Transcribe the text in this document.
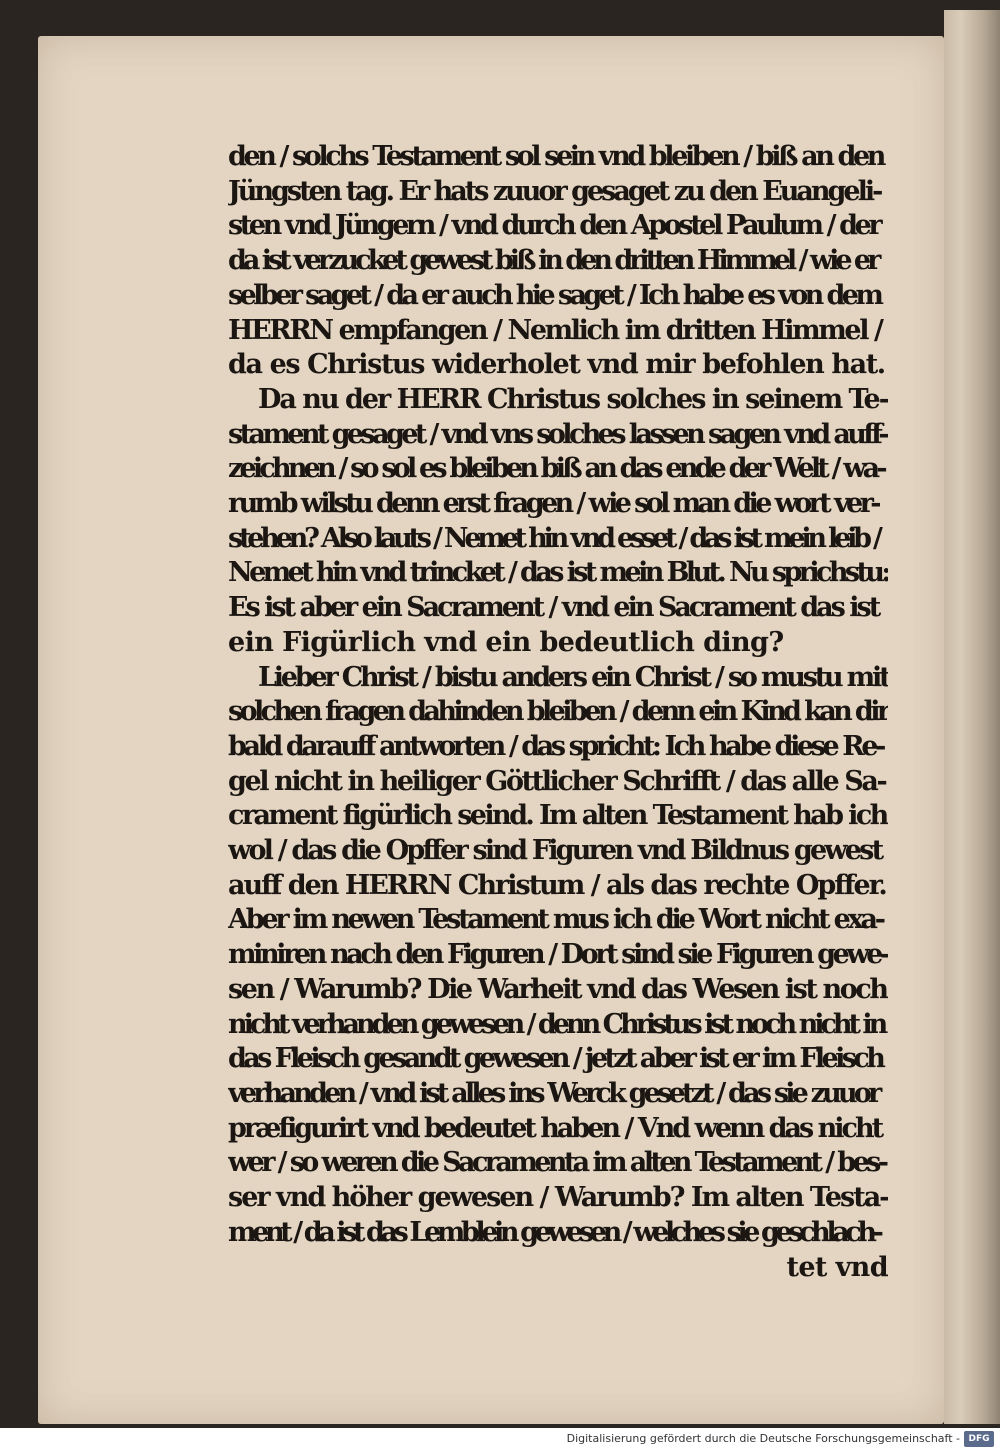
den / solchs Testament sol sein vnd bleiben / biß an den
Jüngsten tag. Er hats zuuor gesaget zu den Euangeli-
sten vnd Jüngern / vnd durch den Apostel Paulum / der
da ist verzucket gewest biß in den dritten Himmel / wie er
selber saget / da er auch hie saget / Ich habe es von dem
HERRN empfangen / Nemlich im dritten Himmel /
da es Christus widerholet vnd mir befohlen hat.
Da nu der HERR Christus solches in seinem Te-
stament gesaget / vnd vns solches lassen sagen vnd auff-
zeichnen / so sol es bleiben biß an das ende der Welt / wa-
rumb wilstu denn erst fragen / wie sol man die wort ver-
stehen? Also lauts / Nemet hin vnd esset / das ist mein leib /
Nemet hin vnd trincket / das ist mein Blut. Nu sprichstu:
Es ist aber ein Sacrament / vnd ein Sacrament das ist
ein Figürlich vnd ein bedeutlich ding?
Lieber Christ / bistu anders ein Christ / so mustu mit
solchen fragen dahinden bleiben / denn ein Kind kan dir
bald darauff antworten / das spricht: Ich habe diese Re-
gel nicht in heiliger Göttlicher Schrifft / das alle Sa-
crament figürlich seind. Im alten Testament hab ich
wol / das die Opffer sind Figuren vnd Bildnus gewest
auff den HERRN Christum / als das rechte Opffer.
Aber im newen Testament mus ich die Wort nicht exa-
miniren nach den Figuren / Dort sind sie Figuren gewe-
sen / Warumb? Die Warheit vnd das Wesen ist noch
nicht verhanden gewesen / denn Christus ist noch nicht in
das Fleisch gesandt gewesen / jetzt aber ist er im Fleisch
verhanden / vnd ist alles ins Werck gesetzt / das sie zuuor
præfigurirt vnd bedeutet haben / Vnd wenn das nicht
wer / so weren die Sacramenta im alten Testament / bes-
ser vnd höher gewesen / Warumb? Im alten Testa-
ment / da ist das Lemblein gewesen / welches sie geschlach-
tet vnd
Digitalisierung gefördert durch die Deutsche Forschungsgemeinschaft - DFG
